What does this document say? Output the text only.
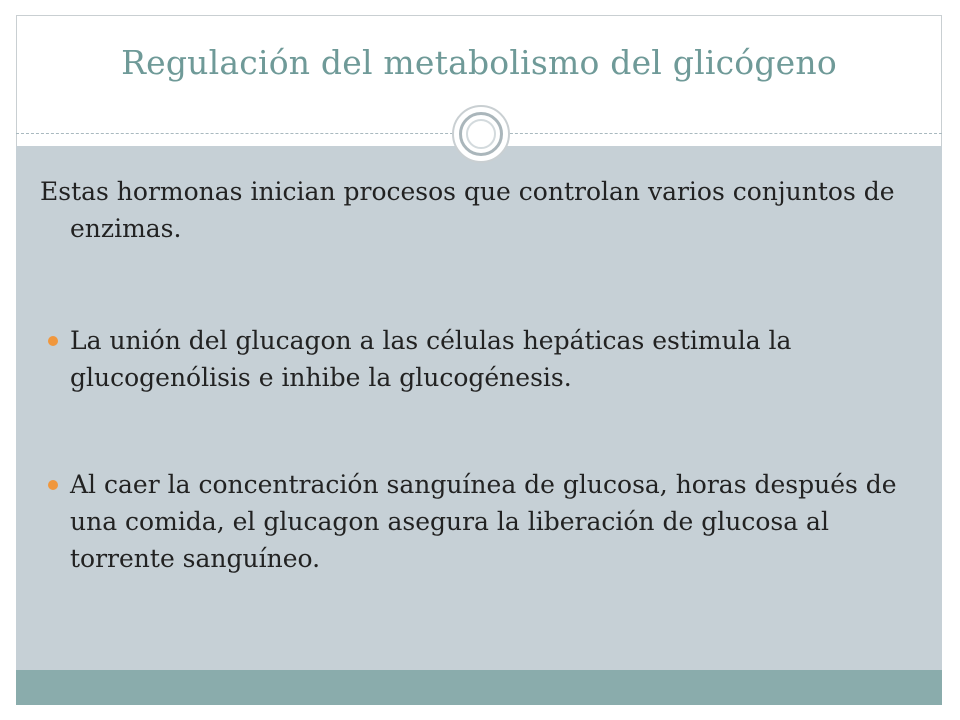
Regulación del metabolismo del glicógeno
Estas hormonas inician procesos que controlan varios conjuntos de enzimas.
La unión del glucagon a las células hepáticas estimula la glucogenólisis e inhibe la glucogénesis.
Al caer la concentración sanguínea de glucosa, horas después de una comida, el glucagon asegura la liberación de glucosa al torrente sanguíneo.
